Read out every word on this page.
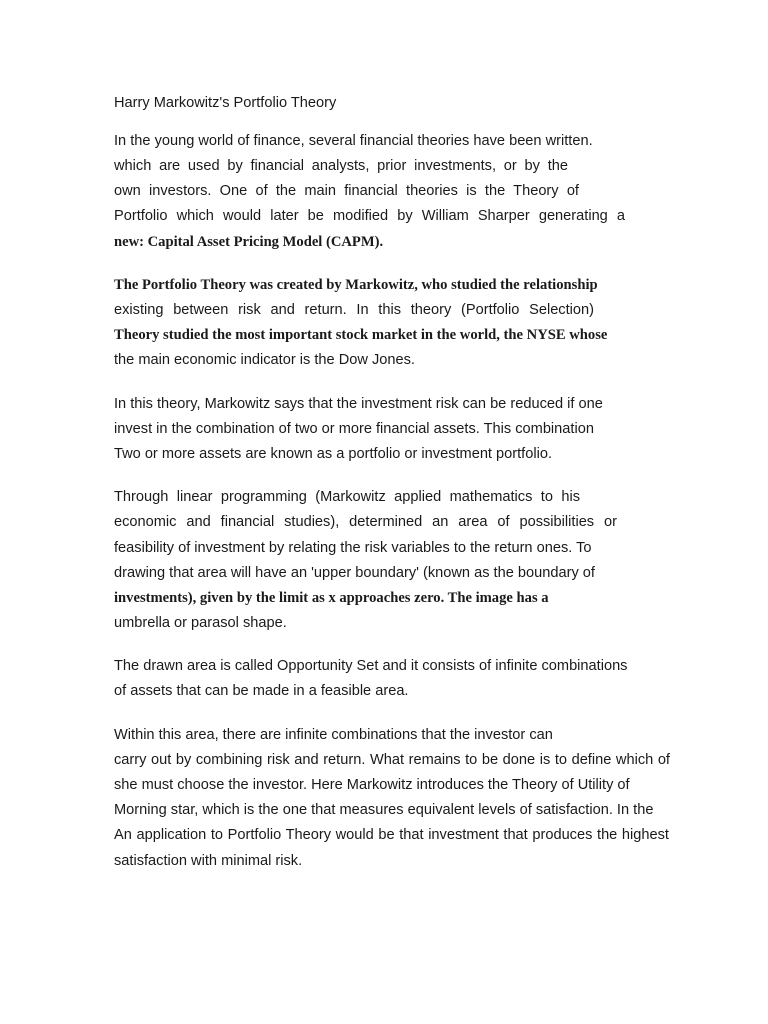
Harry Markowitz's Portfolio Theory
In the young world of finance, several financial theories have been written.
which are used by financial analysts, prior investments, or by the
own investors. One of the main financial theories is the Theory of
Portfolio which would later be modified by William Sharper generating a
new: Capital Asset Pricing Model (CAPM).
The Portfolio Theory was created by Markowitz, who studied the relationship
existing between risk and return. In this theory (Portfolio Selection)
Theory studied the most important stock market in the world, the NYSE whose
the main economic indicator is the Dow Jones.
In this theory, Markowitz says that the investment risk can be reduced if one
invest in the combination of two or more financial assets. This combination
Two or more assets are known as a portfolio or investment portfolio.
Through linear programming (Markowitz applied mathematics to his
economic and financial studies), determined an area of possibilities or
feasibility of investment by relating the risk variables to the return ones. To
drawing that area will have an 'upper boundary' (known as the boundary of
investments), given by the limit as x approaches zero. The image has a
umbrella or parasol shape.
The drawn area is called Opportunity Set and it consists of infinite combinations
of assets that can be made in a feasible area.
Within this area, there are infinite combinations that the investor can
carry out by combining risk and return. What remains to be done is to define which of
she must choose the investor. Here Markowitz introduces the Theory of Utility of
Morning star, which is the one that measures equivalent levels of satisfaction. In the
An application to Portfolio Theory would be that investment that produces the highest
satisfaction with minimal risk.
